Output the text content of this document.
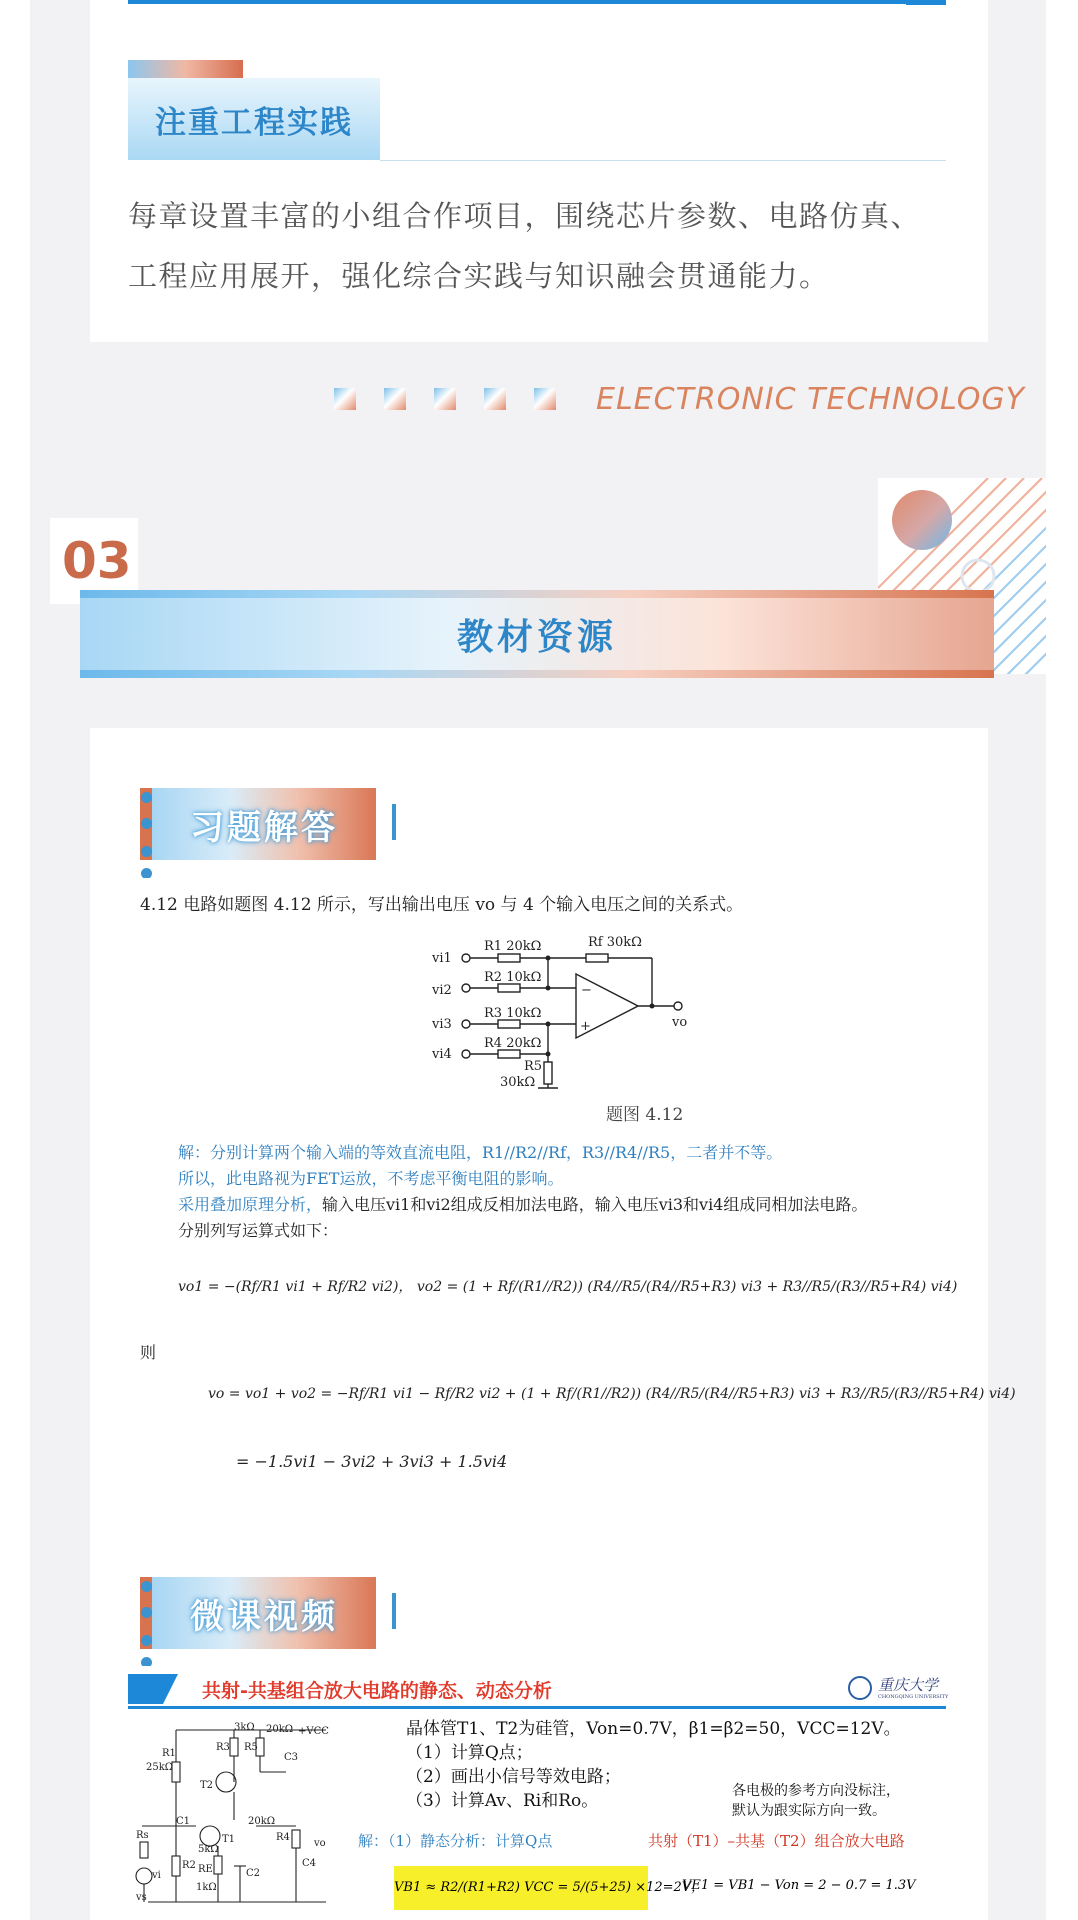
注重工程实践
每章设置丰富的小组合作项目，围绕芯片参数、电路仿真、工程应用展开，强化综合实践与知识融会贯通能力。
ELECTRONIC TECHNOLOGY
03
教材资源
习题解答
4.12 电路如题图 4.12 所示，写出输出电压 vo 与 4 个输入电压之间的关系式。
vi1
vi2
vi3
vi4
R1 20kΩ
R2 10kΩ
R3 10kΩ
R4 20kΩ
Rf 30kΩ
R5
30kΩ
vo
−
+
题图 4.12
解：分别计算两个输入端的等效直流电阻，R1//R2//Rf，R3//R4//R5，二者并不等。
所以，此电路视为FET运放，不考虑平衡电阻的影响。
采用叠加原理分析，输入电压vi1和vi2组成反相加法电路，输入电压vi3和vi4组成同相加法电路。
分别列写运算式如下：
vo1 = −(Rf/R1 vi1 + Rf/R2 vi2)， vo2 = (1 + Rf/(R1//R2)) (R4//R5/(R4//R5+R3) vi3 + R3//R5/(R3//R5+R4) vi4)
则
vo = vo1 + vo2 = −Rf/R1 vi1 − Rf/R2 vi2 + (1 + Rf/(R1//R2)) (R4//R5/(R4//R5+R3) vi3 + R3//R5/(R3//R5+R4) vi4)
= −1.5vi1 − 3vi2 + 3vi3 + 1.5vi4
微课视频
共射-共基组合放大电路的静态、动态分析	重庆大学
CHONGQING UNIVERSITY
R1
25kΩ
R3
3kΩ
R5
20kΩ +VCC
C3
T2
C1
T1	R4
20kΩ
R2
5kΩ
RE
1kΩ
C2
C4
vo
Rs
vs
vi
晶体管T1、T2为硅管，Von=0.7V，β1=β2=50，VCC=12V。
（1）计算Q点；
（2）画出小信号等效电路；
（3）计算Av、Ri和Ro。	各电极的参考方向没标注，
默认为跟实际方向一致。
解：（1）静态分析：计算Q点	共射（T1）–共基（T2）组合放大电路
VB1 ≈ R2/(R1+R2) VCC = 5/(5+25) ×12=2V，
VE1 = VB1 − Von = 2 − 0.7 = 1.3V
